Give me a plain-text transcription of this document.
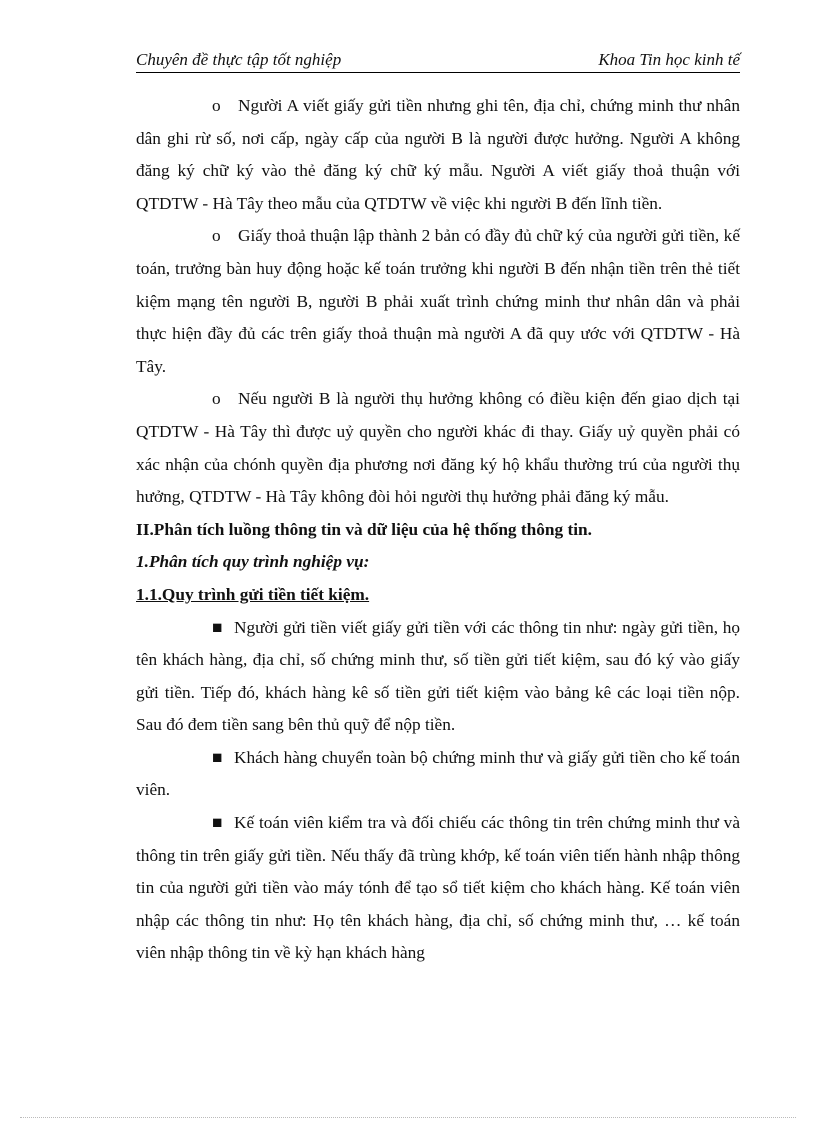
Chuyên đề thực tập tốt nghiệp	Khoa Tin học kinh tế

o Người A viết giấy gửi tiền nhưng ghi tên, địa chỉ, chứng minh thư nhân dân ghi rừ số, nơi cấp, ngày cấp của người B là người được hưởng. Người A không đăng ký chữ ký vào thẻ đăng ký chữ ký mẫu. Người A viết giấy thoả thuận với QTDTW - Hà Tây theo mẫu của QTDTW về việc khi người B đến lĩnh tiền.

o Giấy thoả thuận lập thành 2 bản có đầy đủ chữ ký của người gửi tiền, kế toán, trưởng bàn huy động hoặc kế toán trưởng khi người B đến nhận tiền trên thẻ tiết kiệm mạng tên người B, người B phải xuất trình chứng minh thư nhân dân và phải thực hiện đầy đủ các trên giấy thoả thuận mà người A đã quy ước với QTDTW - Hà Tây.

o Nếu người B là người thụ hưởng không có điều kiện đến giao dịch tại QTDTW - Hà Tây thì được uỷ quyền cho người khác đi thay. Giấy uỷ quyền phải có xác nhận của chónh quyền địa phương nơi đăng ký hộ khẩu thường trú của người thụ hưởng, QTDTW - Hà Tây không đòi hỏi người thụ hưởng phải đăng ký mẫu.

II.Phân tích luồng thông tin và dữ liệu của hệ thống thông tin.

1.Phân tích quy trình nghiệp vụ:

1.1.Quy trình gửi tiền tiết kiệm.

■ Người gửi tiền viết giấy gửi tiền với các thông tin như: ngày gửi tiền, họ tên khách hàng, địa chỉ, số chứng minh thư, số tiền gửi tiết kiệm, sau đó ký vào giấy gửi tiền. Tiếp đó, khách hàng kê số tiền gửi tiết kiệm vào bảng kê các loại tiền nộp. Sau đó đem tiền sang bên thủ quỹ để nộp tiền.

■ Khách hàng chuyển toàn bộ chứng minh thư và giấy gửi tiền cho kế toán viên.

■ Kế toán viên kiểm tra và đối chiếu các thông tin trên chứng minh thư và thông tin trên giấy gửi tiền. Nếu thấy đã trùng khớp, kế toán viên tiến hành nhập thông tin của người gửi tiền vào máy tónh để tạo sổ tiết kiệm cho khách hàng. Kế toán viên nhập các thông tin như: Họ tên khách hàng, địa chỉ, số chứng minh thư, … kế toán viên nhập thông tin về kỳ hạn khách hàng
